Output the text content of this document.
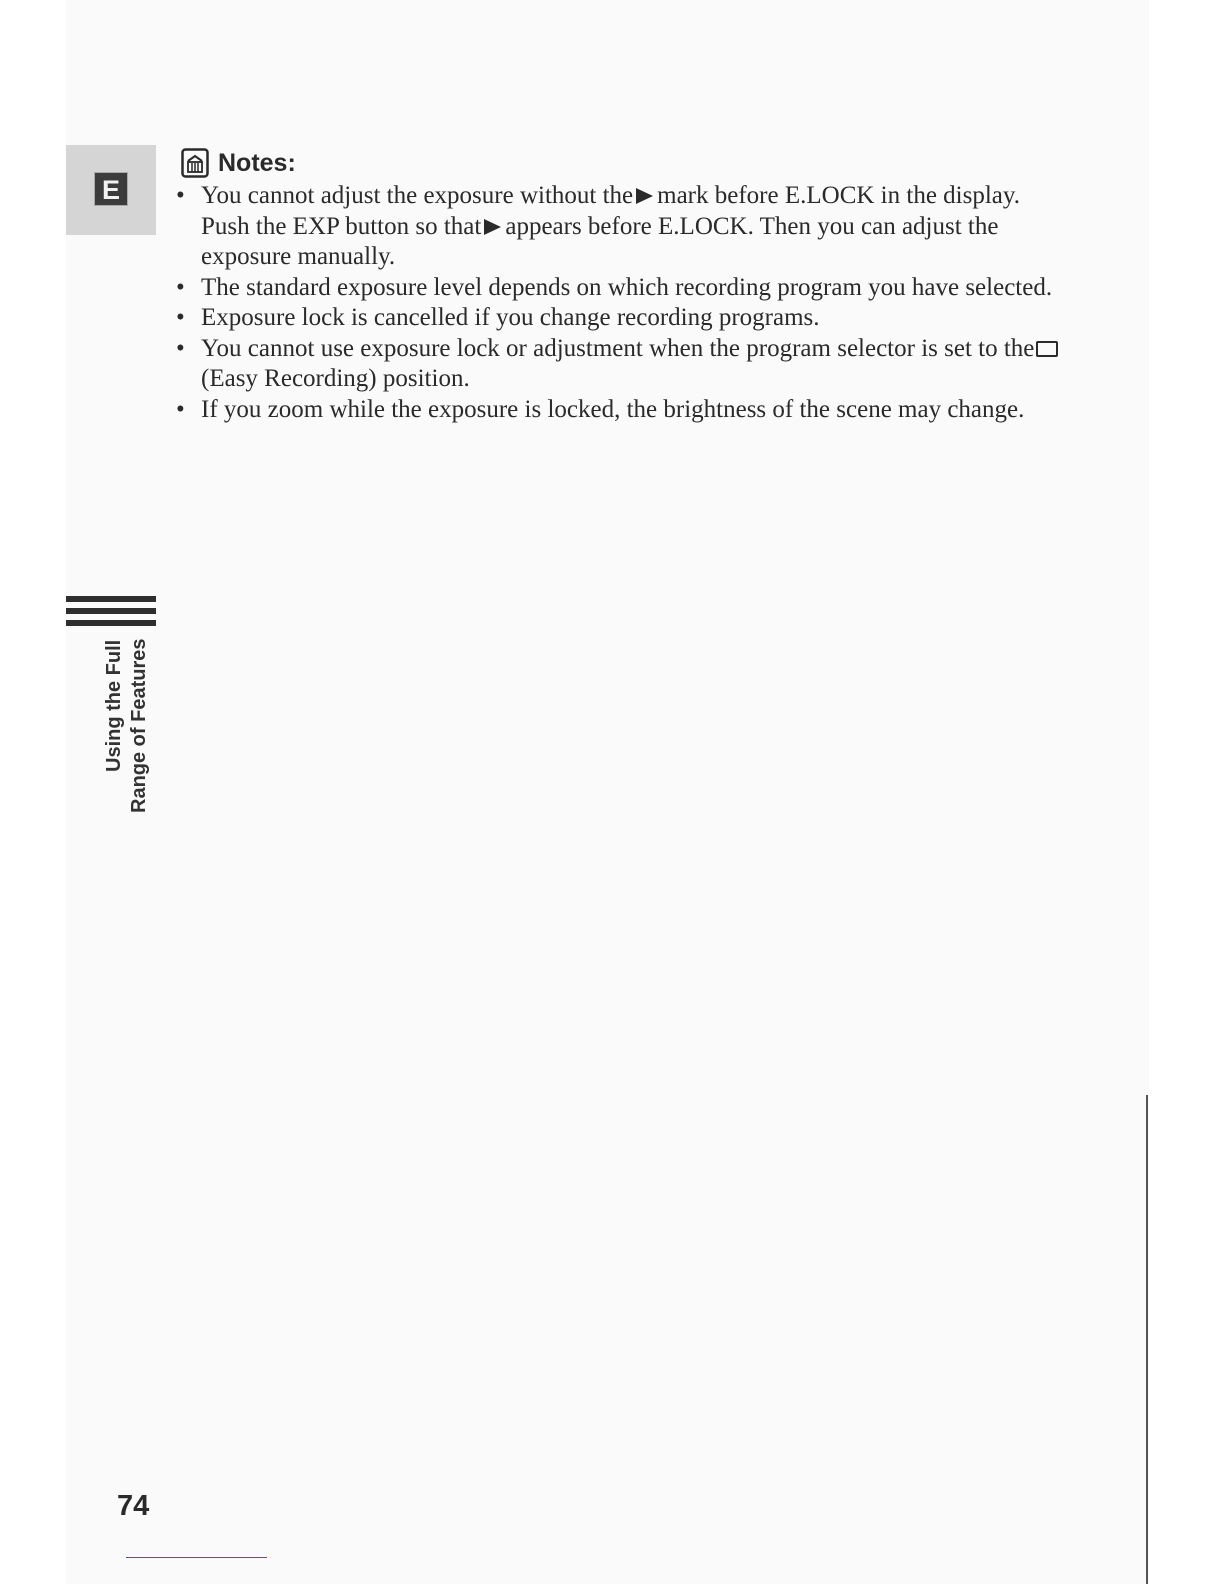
E
Notes:
• You cannot adjust the exposure without the mark before E.LOCK in the display. Push the EXP button so that appears before E.LOCK. Then you can adjust the exposure manually.
• The standard exposure level depends on which recording program you have selected.
• Exposure lock is cancelled if you change recording programs.
• You cannot use exposure lock or adjustment when the program selector is set to the(Easy Recording) position.
• If you zoom while the exposure is locked, the brightness of the scene may change.
Using the Full Range of Features
74
